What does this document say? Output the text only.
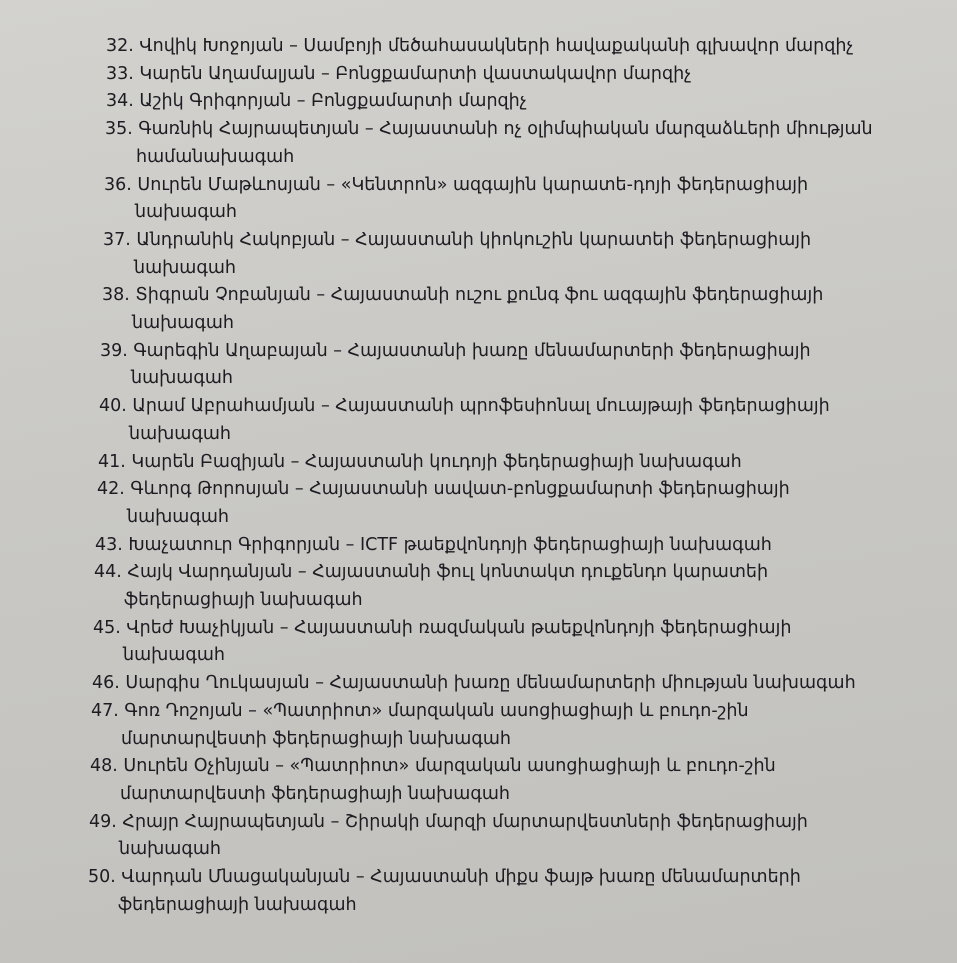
32. Վովիկ Խոջոյան – Սամբոյի մեծահասակների հավաքականի գլխավոր մարզիչ
33. Կարեն Աղամալյան – Բոնցքամարտի վաստակավոր մարզիչ
34. Աշիկ Գրիգորյան – Բոնցքամարտի մարզիչ
35. Գառնիկ Հայրապետյան – Հայաստանի ոչ օլիմպիական մարզաձևերի միության
համանախագահ
36. Սուրեն Մաթևոսյան – «Կենտրոն» ազգային կարատե-դոյի ֆեդերացիայի
նախագահ
37. Անդրանիկ Հակոբյան – Հայաստանի կիոկուշին կարատեի ֆեդերացիայի
նախագահ
38. Տիգրան Չոբանյան – Հայաստանի ուշու քունգ ֆու ազգային ֆեդերացիայի
նախագահ
39. Գարեգին Աղաբայան – Հայաստանի խառը մենամարտերի ֆեդերացիայի
նախագահ
40. Արամ Աբրահամյան – Հայաստանի պրոֆեսիոնալ մուայթայի ֆեդերացիայի
նախագահ
41. Կարեն Բազիյան – Հայաստանի կուդոյի ֆեդերացիայի նախագահ
42. Գևորգ Թորոսյան – Հայաստանի սավատ-բոնցքամարտի ֆեդերացիայի
նախագահ
43. Խաչատուր Գրիգորյան – ICTF թաեքվոնդոյի ֆեդերացիայի նախագահ
44. Հայկ Վարդանյան – Հայաստանի ֆուլ կոնտակտ դուքենդո կարատեի
ֆեդերացիայի նախագահ
45. Վրեժ Խաչիկյան – Հայաստանի ռազմական թաեքվոնդոյի ֆեդերացիայի
նախագահ
46. Սարգիս Ղուկասյան – Հայաստանի խառը մենամարտերի միության նախագահ
47. Գոռ Դոշոյան – «Պատրիոտ» մարզական ասոցիացիայի և բուդո-շին
մարտարվեստի ֆեդերացիայի նախագահ
48. Սուրեն Օչինյան – «Պատրիոտ» մարզական ասոցիացիայի և բուդո-շին
մարտարվեստի ֆեդերացիայի նախագահ
49. Հրայր Հայրապետյան – Շիրակի մարզի մարտարվեստների ֆեդերացիայի
նախագահ
50. Վարդան Մնացականյան – Հայաստանի միքս ֆայթ խառը մենամարտերի
ֆեդերացիայի նախագահ
